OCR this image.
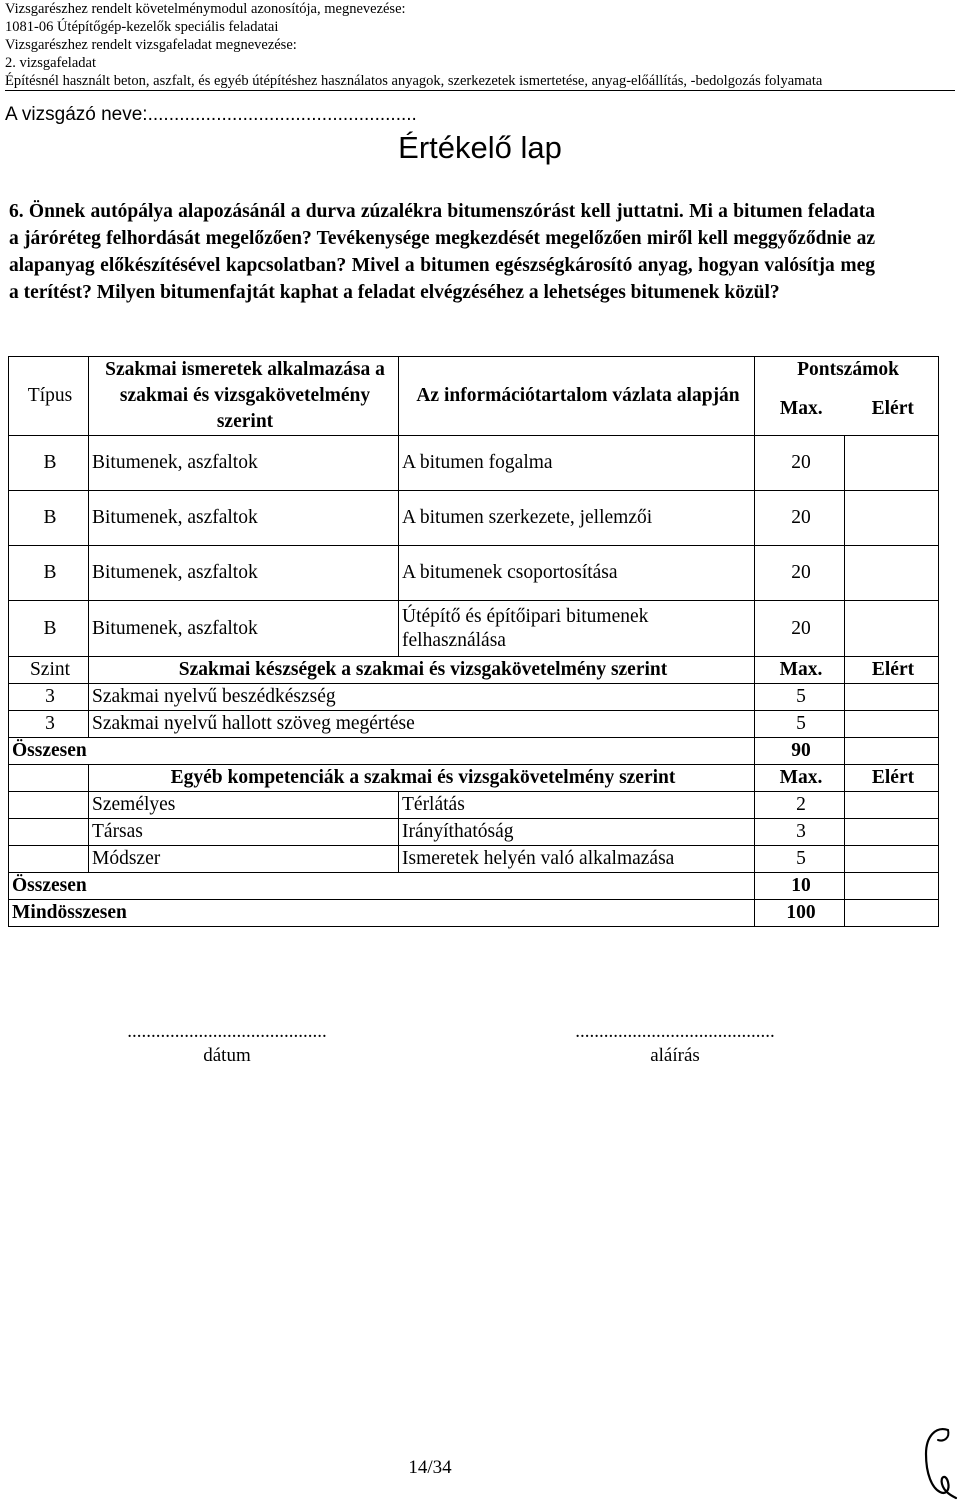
Vizsgarészhez rendelt követelménymodul azonosítója, megnevezése:
1081-06 Útépítőgép-kezelők speciális feladatai
Vizsgarészhez rendelt vizsgafeladat megnevezése:
2. vizsgafeladat
Építésnél használt beton, aszfalt, és egyéb útépítéshez használatos anyagok, szerkezetek ismertetése, anyag-előállítás, -bedolgozás folyamata
A vizsgázó neve:...................................................
Értékelő lap
6. Önnek autópálya alapozásánál a durva zúzalékra bitumenszórást kell juttatni. Mi a bitumen feladata a járóréteg felhordását megelőzően? Tevékenysége megkezdését megelőzően miről kell meggyőződnie az alapanyag előkészítésével kapcsolatban? Mivel a bitumen egészségkárosító anyag, hogyan valósítja meg a terítést? Milyen bitumenfajtát kaphat a feladat elvégzéséhez a lehetséges bitumenek közül?
Típus	Szakmai ismeretek alkalmazása a szakmai és vizsgakövetelmény szerint	Az információtartalom vázlata alapján	Pontszámok	
			Max.	Elért
B	Bitumenek, aszfaltok	A bitumen fogalma	20	
B	Bitumenek, aszfaltok	A bitumen szerkezete, jellemzői	20	
B	Bitumenek, aszfaltok	A bitumenek csoportosítása	20	
B	Bitumenek, aszfaltok	Útépítő és építőipari bitumenek felhasználása	20	
Szint	Szakmai készségek a szakmai és vizsgakövetelmény szerint		Max.	Elért
3	Szakmai nyelvű beszédkészség		5	
3	Szakmai nyelvű hallott szöveg megértése		5	
Összesen			90	
	Egyéb kompetenciák a szakmai és vizsgakövetelmény szerint		Max.	Elért
	Személyes	Térlátás	2	
	Társas	Irányíthatóság	3	
	Módszer	Ismeretek helyén való alkalmazása	5	
Összesen			10	
Mindösszesen			100	
..........................................
dátum
..........................................
aláírás
14/34
